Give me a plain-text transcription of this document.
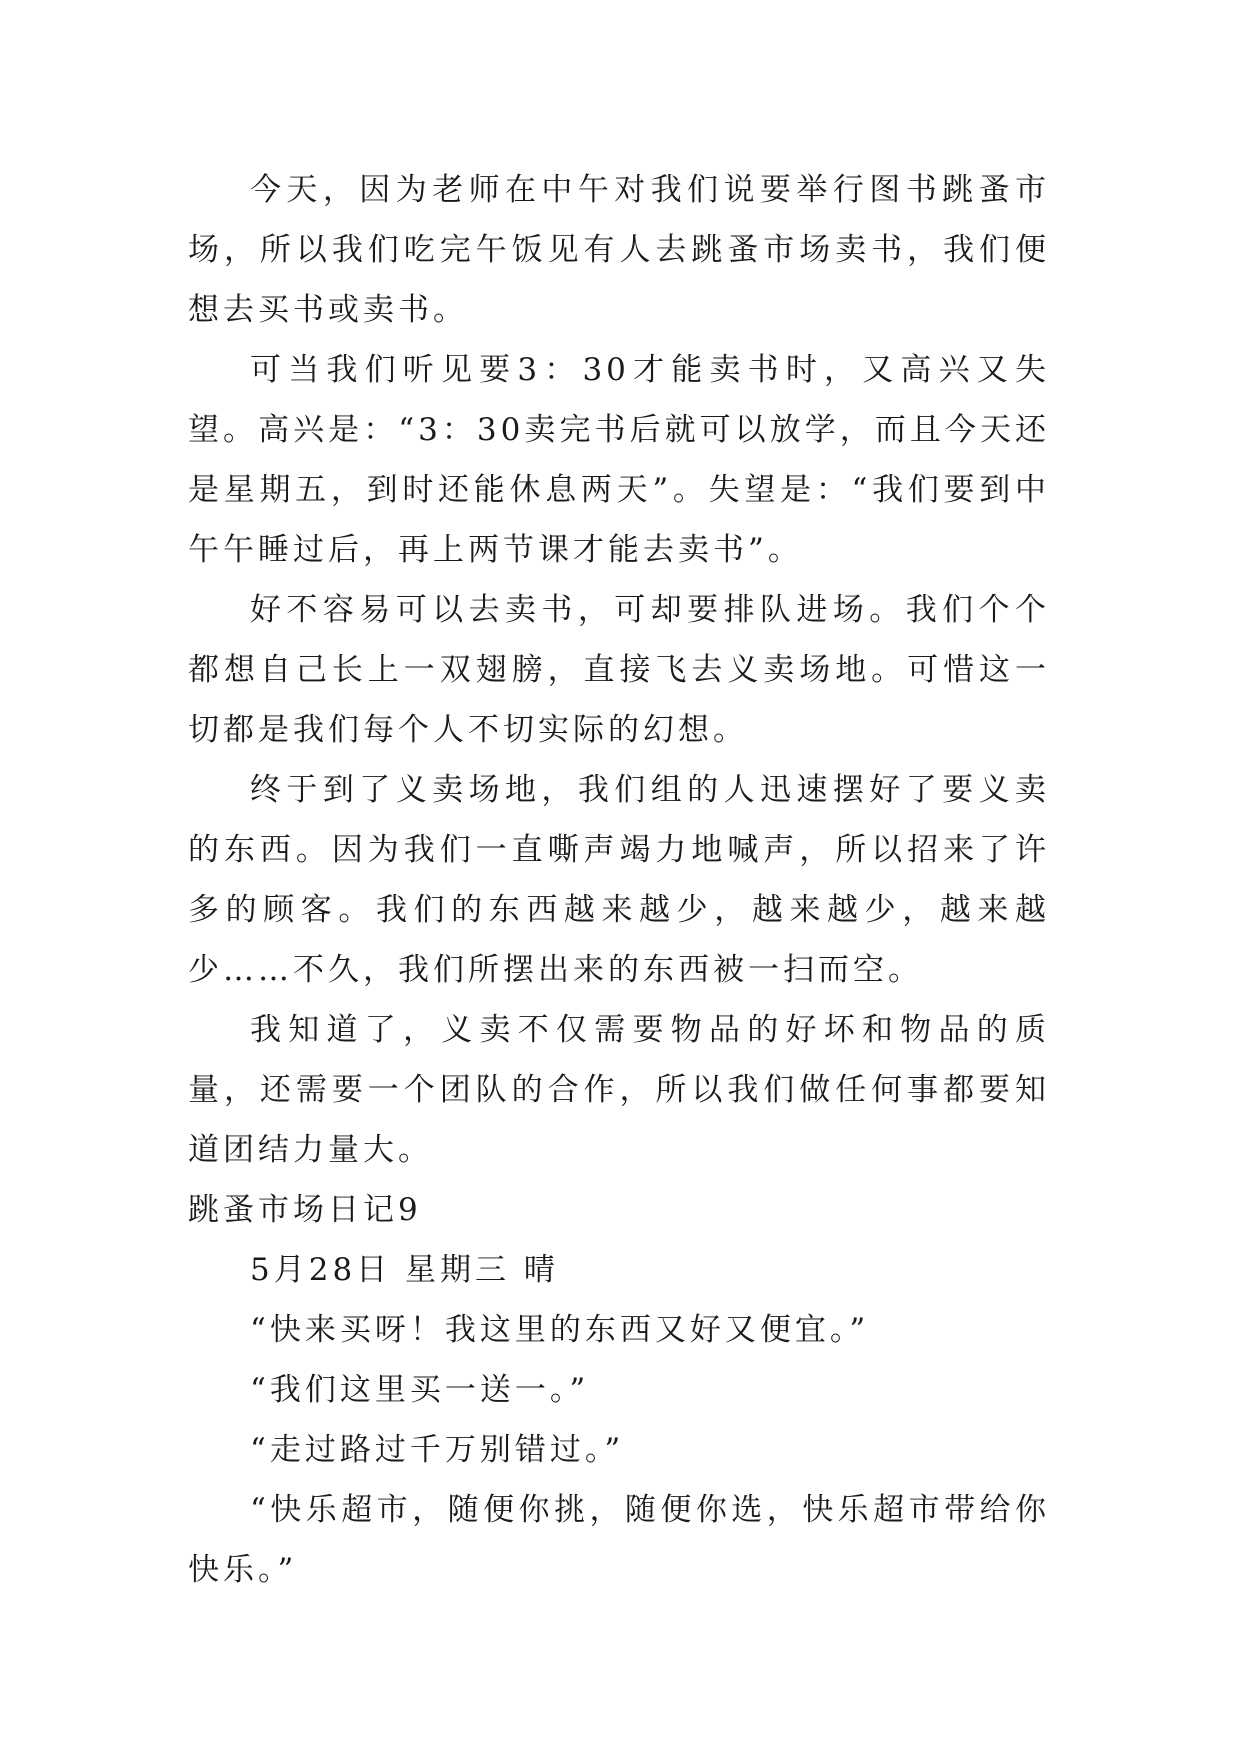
今天，因为老师在中午对我们说要举行图书跳蚤市场，所以我们吃完午饭见有人去跳蚤市场卖书，我们便想去买书或卖书。

可当我们听见要3：30才能卖书时，又高兴又失望。高兴是：“3：30卖完书后就可以放学，而且今天还是星期五，到时还能休息两天”。失望是：“我们要到中午午睡过后，再上两节课才能去卖书”。

好不容易可以去卖书，可却要排队进场。我们个个都想自己长上一双翅膀，直接飞去义卖场地。可惜这一切都是我们每个人不切实际的幻想。

终于到了义卖场地，我们组的人迅速摆好了要义卖的东西。因为我们一直嘶声竭力地喊声，所以招来了许多的顾客。我们的东西越来越少，越来越少，越来越少……不久，我们所摆出来的东西被一扫而空。

我知道了，义卖不仅需要物品的好坏和物品的质量，还需要一个团队的合作，所以我们做任何事都要知道团结力量大。

跳蚤市场日记9

5月28日 星期三 晴

“快来买呀！我这里的东西又好又便宜。”

“我们这里买一送一。”

“走过路过千万别错过。”

“快乐超市，随便你挑，随便你选，快乐超市带给你快乐。”
